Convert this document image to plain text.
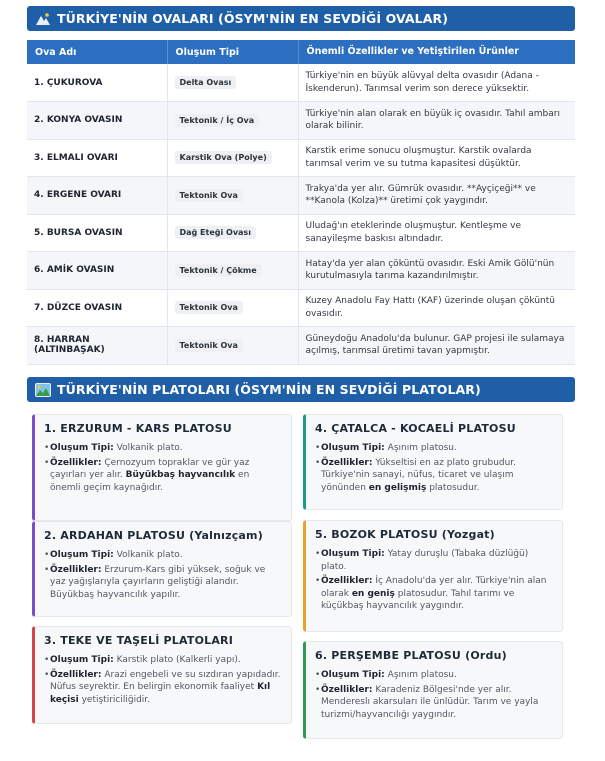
TÜRKİYE'NİN OVALARI (ÖSYM'NİN EN SEVDİĞİ OVALAR)
Ova Adı	Oluşum Tipi	Önemli Özellikler ve Yetiştirilen Ürünler
1. ÇUKUROVA	Delta Ovası	Türkiye'nin en büyük alüvyal delta ovasıdır (Adana - İskenderun). Tarımsal verim son derece yüksektir.
2. KONYA OVASIN	Tektonik / İç Ova	Türkiye'nin alan olarak en büyük iç ovasıdır. Tahıl ambarı olarak bilinir.
3. ELMALI OVARI	Karstik Ova (Polye)	Karstik erime sonucu oluşmuştur. Karstik ovalarda tarımsal verim ve su tutma kapasitesi düşüktür.
4. ERGENE OVARI	Tektonik Ova	Trakya'da yer alır. Gümrük ovasıdır. **Ayçiçeği** ve **Kanola (Kolza)** üretimi çok yaygındır.
5. BURSA OVASIN	Dağ Eteği Ovası	Uludağ'ın eteklerinde oluşmuştur. Kentleşme ve sanayileşme baskısı altındadır.
6. AMİK OVASIN	Tektonik / Çökme	Hatay'da yer alan çöküntü ovasıdır. Eski Amik Gölü'nün kurutulmasıyla tarıma kazandırılmıştır.
7. DÜZCE OVASIN	Tektonik Ova	Kuzey Anadolu Fay Hattı (KAF) üzerinde oluşan çöküntü ovasıdır.
8. HARRAN (ALTINBAŞAK)	Tektonik Ova	Güneydoğu Anadolu'da bulunur. GAP projesi ile sulamaya açılmış, tarımsal üretimi tavan yapmıştır.
TÜRKİYE'NİN PLATOLARI (ÖSYM'NİN EN SEVDİĞİ PLATOLAR)
1. ERZURUM - KARS PLATOSU
• Oluşum Tipi: Volkanik plato.
• Özellikler: Çernozyum topraklar ve gür yaz çayırları yer alır. Büyükbaş hayvancılık en önemli geçim kaynağıdır.
2. ARDAHAN PLATOSU (Yalnızçam)
• Oluşum Tipi: Volkanik plato.
• Özellikler: Erzurum-Kars gibi yüksek, soğuk ve yaz yağışlarıyla çayırların geliştiği alandır. Büyükbaş hayvancılık yapılır.
3. TEKE VE TAŞELİ PLATOLARI
• Oluşum Tipi: Karstik plato (Kalkerli yapı).
• Özellikler: Arazi engebeli ve su sızdıran yapıdadır. Nüfus seyrektir. En belirgin ekonomik faaliyet Kıl keçisi yetiştiriciliğidir.
4. ÇATALCA - KOCAELİ PLATOSU
• Oluşum Tipi: Aşınım platosu.
• Özellikler: Yükseltisi en az plato grubudur. Türkiye'nin sanayi, nüfus, ticaret ve ulaşım yönünden en gelişmiş platosudur.
5. BOZOK PLATOSU (Yozgat)
• Oluşum Tipi: Yatay duruşlu (Tabaka düzlüğü) plato.
• Özellikler: İç Anadolu'da yer alır. Türkiye'nin alan olarak en geniş platosudur. Tahıl tarımı ve küçükbaş hayvancılık yaygındır.
6. PERŞEMBE PLATOSU (Ordu)
• Oluşum Tipi: Aşınım platosu.
• Özellikler: Karadeniz Bölgesi'nde yer alır. Mendereslı akarsuları ile ünlüdür. Tarım ve yayla turizmi/hayvancılığı yaygındır.
